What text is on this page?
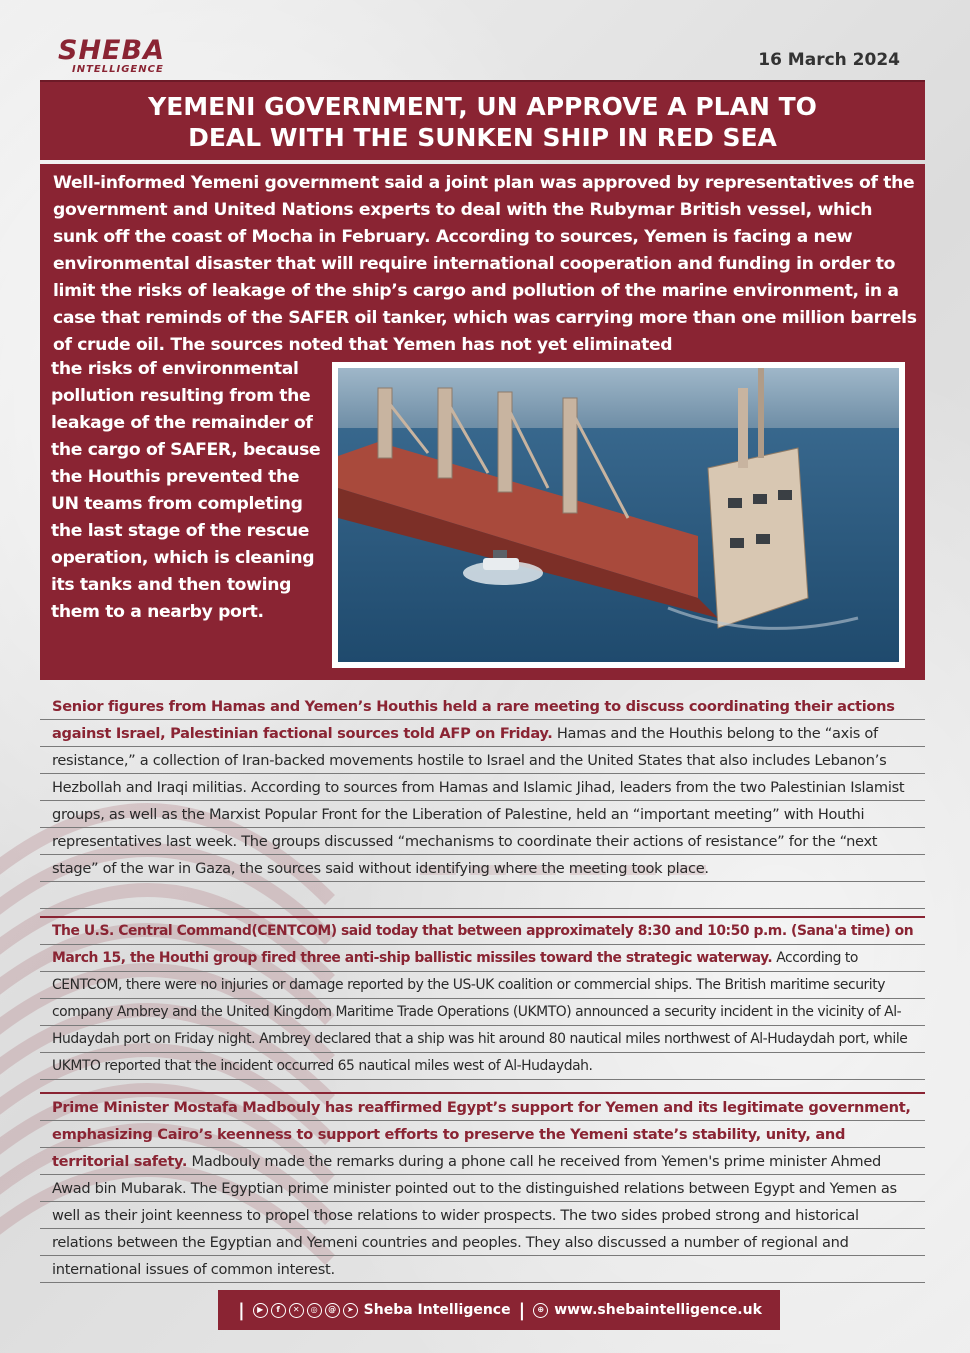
SHEBA
INTELLIGENCE	16 March 2024
YEMENI GOVERNMENT, UN APPROVE A PLAN TO
DEAL WITH THE SUNKEN SHIP IN RED SEA
Well-informed Yemeni government said a joint plan was approved by representatives of the government and United Nations experts to deal with the Rubymar British vessel, which sunk off the coast of Mocha in February. According to sources, Yemen is facing a new environmental disaster that will require international cooperation and funding in order to limit the risks of leakage of the ship’s cargo and pollution of the marine environment, in a case that reminds of the SAFER oil tanker, which was carrying more than one million barrels of crude oil. The sources noted that Yemen has not yet eliminated
the risks of environmental pollution resulting from the leakage of the remainder of the cargo of SAFER, because the Houthis prevented the UN teams from completing the last stage of the rescue operation, which is cleaning its tanks and then towing them to a nearby port.
Senior figures from Hamas and Yemen’s Houthis held a rare meeting to discuss coordinating their actions against Israel, Palestinian factional sources told AFP on Friday. Hamas and the Houthis belong to the “axis of resistance,” a collection of Iran-backed movements hostile to Israel and the United States that also includes Lebanon’s Hezbollah and Iraqi militias. According to sources from Hamas and Islamic Jihad, leaders from the two Palestinian Islamist groups, as well as the Marxist Popular Front for the Liberation of Palestine, held an “important meeting” with Houthi representatives last week. The groups discussed “mechanisms to coordinate their actions of resistance” for the “next stage” of the war in Gaza, the sources said without identifying where the meeting took place.
The U.S. Central Command(CENTCOM) said today that between approximately 8:30 and 10:50 p.m. (Sana'a time) on March 15, the Houthi group fired three anti-ship ballistic missiles toward the strategic waterway. According to CENTCOM, there were no injuries or damage reported by the US-UK coalition or commercial ships. The British maritime security company Ambrey and the United Kingdom Maritime Trade Operations (UKMTO) announced a security incident in the vicinity of Al-Hudaydah port on Friday night. Ambrey declared that a ship was hit around 80 nautical miles northwest of Al-Hudaydah port, while UKMTO reported that the incident occurred 65 nautical miles west of Al-Hudaydah.
Prime Minister Mostafa Madbouly has reaffirmed Egypt’s support for Yemen and its legitimate government, emphasizing Cairo’s keenness to support efforts to preserve the Yemeni state’s stability, unity, and territorial safety. Madbouly made the remarks during a phone call he received from Yemen's prime minister Ahmed Awad bin Mubarak. The Egyptian prime minister pointed out to the distinguished relations between Egypt and Yemen as well as their joint keenness to propel those relations to wider prospects. The two sides probed strong and historical relations between the Egyptian and Yemeni countries and peoples. They also discussed a number of regional and international issues of common interest.
|	▶	f	✕	◎	@	➤ Sheba Intelligence |	⊕ www.shebaintelligence.uk
